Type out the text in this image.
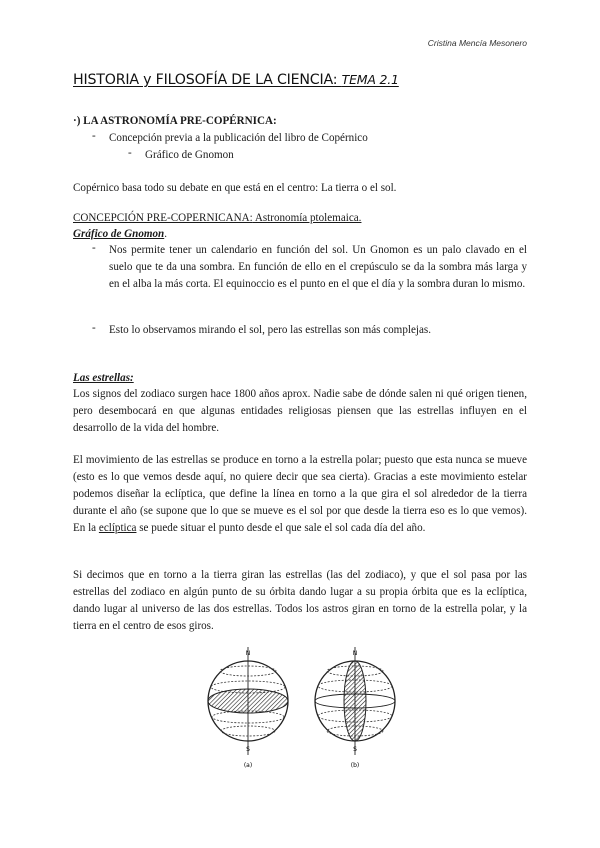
Cristina Mencía Mesonero
HISTORIA y FILOSOFÍA DE LA CIENCIA: TEMA 2.1
·) LA ASTRONOMÍA PRE-COPÉRNICA:
- Concepción previa a la publicación del libro de Copérnico
- Gráfico de Gnomon
Copérnico basa todo su debate en que está en el centro: La tierra o el sol.
CONCEPCIÓN PRE-COPERNICANA: Astronomía ptolemaica.
Gráfico de Gnomon.
- Nos permite tener un calendario en función del sol. Un Gnomon es un palo clavado en el suelo que te da una sombra. En función de ello en el crepúsculo se da la sombra más larga y en el alba la más corta. El equinoccio es el punto en el que el día y la sombra duran lo mismo.
- Esto lo observamos mirando el sol, pero las estrellas son más complejas.
Las estrellas:
Los signos del zodiaco surgen hace 1800 años aprox. Nadie sabe de dónde salen ni qué origen tienen, pero desembocará en que algunas entidades religiosas piensen que las estrellas influyen en el desarrollo de la vida del hombre.
El movimiento de las estrellas se produce en torno a la estrella polar; puesto que esta nunca se mueve (esto es lo que vemos desde aquí, no quiere decir que sea cierta). Gracias a este movimiento estelar podemos diseñar la eclíptica, que define la línea en torno a la que gira el sol alrededor de la tierra durante el año (se supone que lo que se mueve es el sol por que desde la tierra eso es lo que vemos). En la eclíptica se puede situar el punto desde el que sale el sol cada día del año.
Si decimos que en torno a la tierra giran las estrellas (las del zodiaco), y que el sol pasa por las estrellas del zodiaco en algún punto de su órbita dando lugar a su propia órbita que es la eclíptica, dando lugar al universo de las dos estrellas. Todos los astros giran en torno de la estrella polar, y la tierra en el centro de esos giros.
N
S
(a)
N
S
(b)
